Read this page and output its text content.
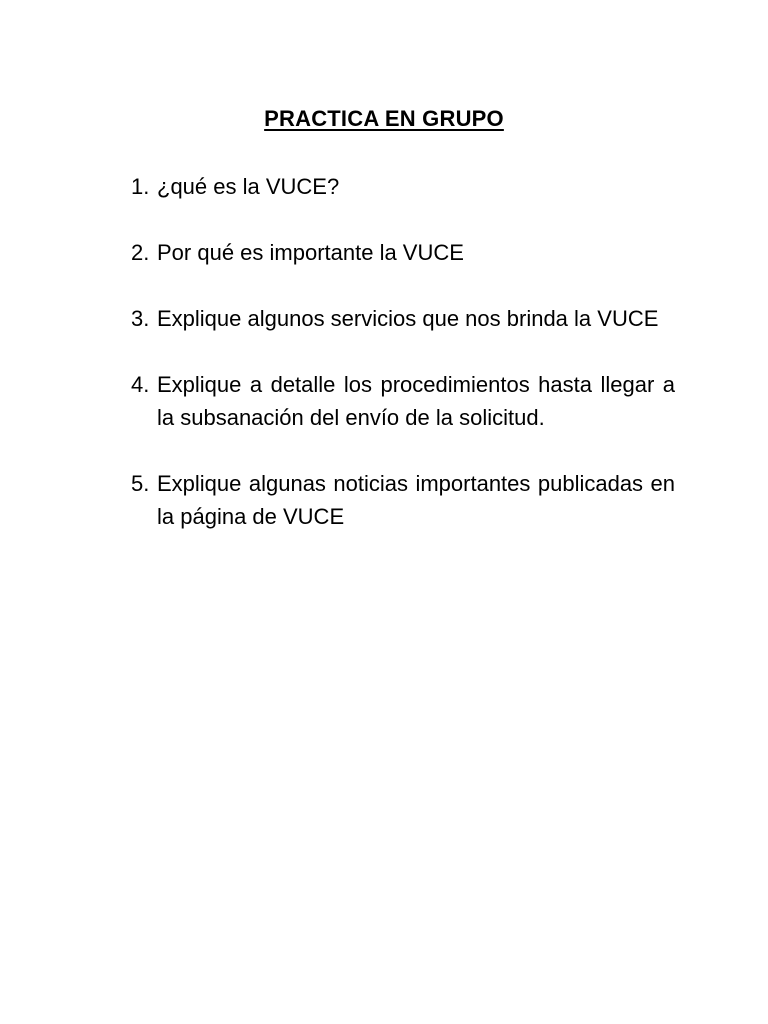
PRACTICA EN GRUPO
1. ¿qué es la VUCE?
2. Por qué es importante la VUCE
3. Explique algunos servicios que nos brinda la VUCE
4. Explique a detalle los procedimientos hasta llegar a la subsanación del envío de la solicitud.
5. Explique algunas noticias importantes publicadas en la página de VUCE
